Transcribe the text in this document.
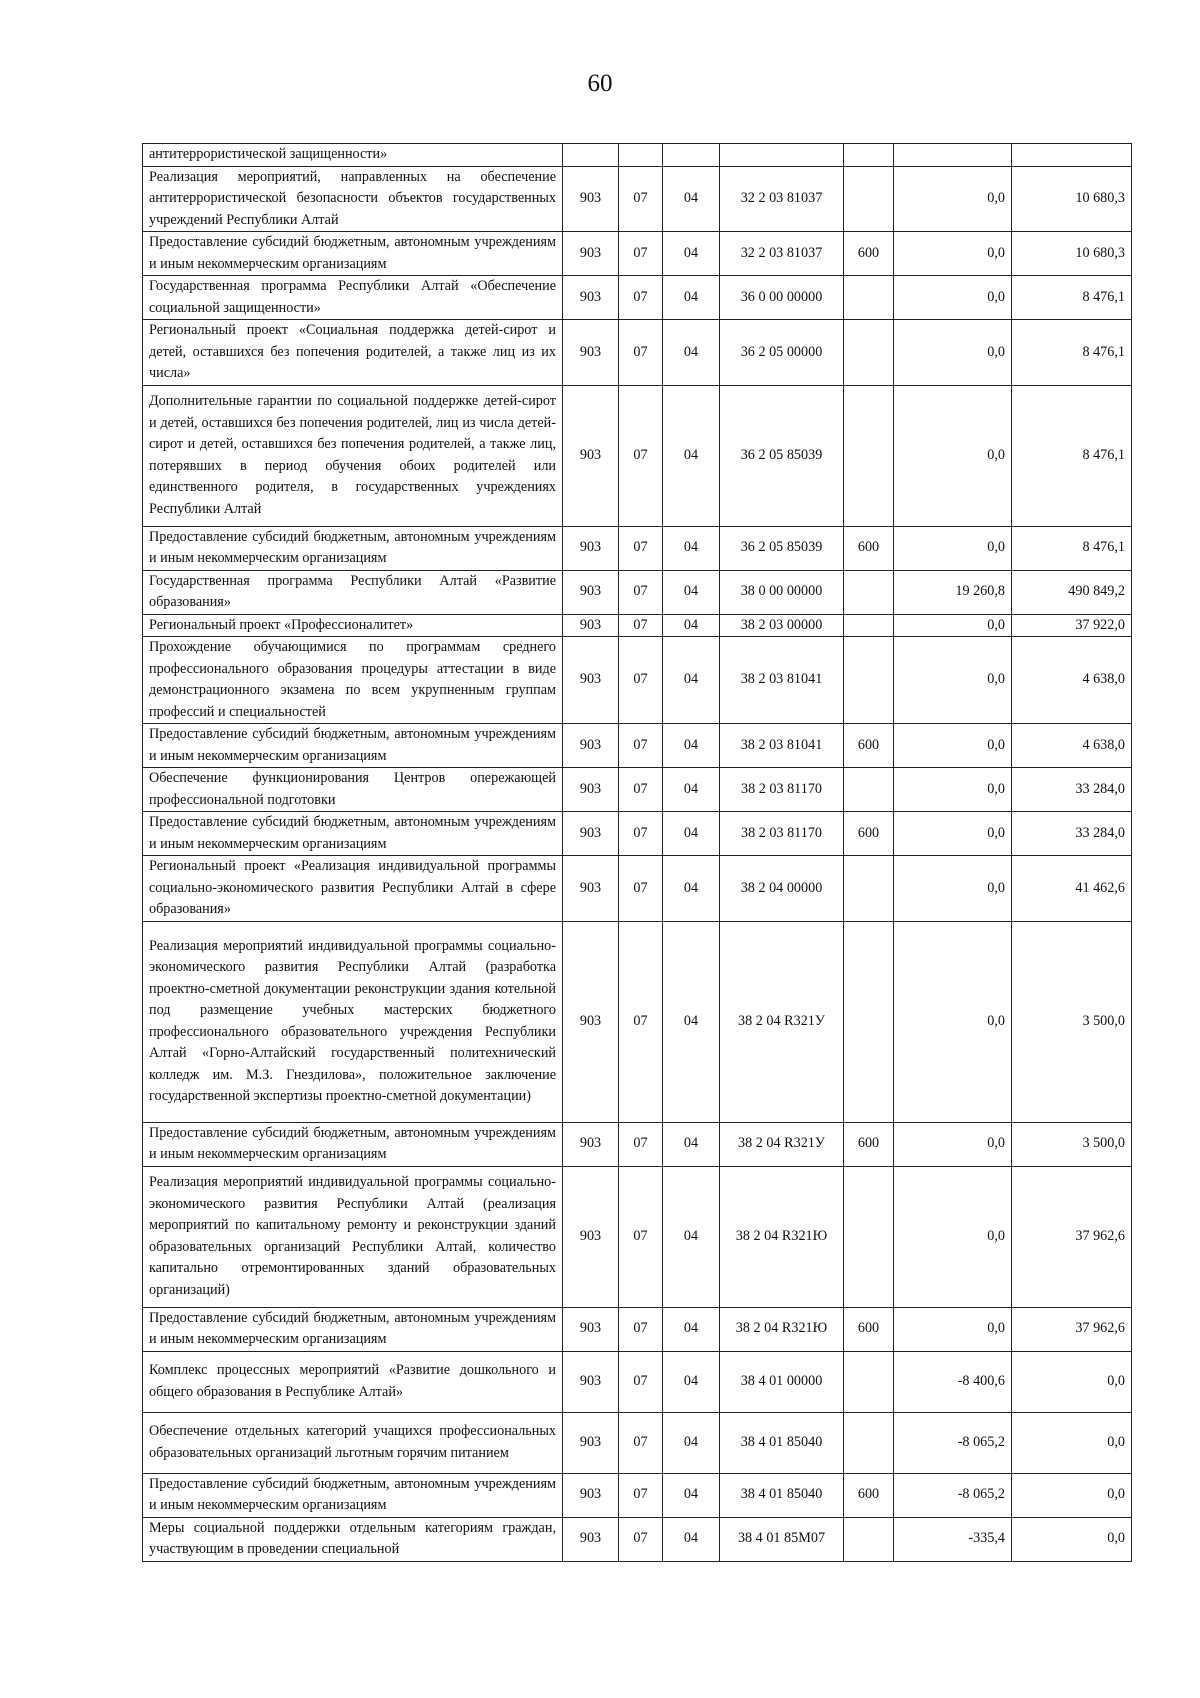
60
антитеррористической защищенности»							
Реализация мероприятий, направленных на обеспечение антитеррористической безопасности объектов государственных учреждений Республики Алтай	903	07	04	32 2 03 81037		0,0	10 680,3
Предоставление субсидий бюджетным, автономным учреждениям и иным некоммерческим организациям	903	07	04	32 2 03 81037	600	0,0	10 680,3
Государственная программа Республики Алтай «Обеспечение социальной защищенности»	903	07	04	36 0 00 00000		0,0	8 476,1
Региональный проект «Социальная поддержка детей-сирот и детей, оставшихся без попечения родителей, а также лиц из их числа»	903	07	04	36 2 05 00000		0,0	8 476,1
Дополнительные гарантии по социальной поддержке детей-сирот и детей, оставшихся без попечения родителей, лиц из числа детей-сирот и детей, оставшихся без попечения родителей, а также лиц, потерявших в период обучения обоих родителей или единственного родителя, в государственных учреждениях Республики Алтай	903	07	04	36 2 05 85039		0,0	8 476,1
Предоставление субсидий бюджетным, автономным учреждениям и иным некоммерческим организациям	903	07	04	36 2 05 85039	600	0,0	8 476,1
Государственная программа Республики Алтай «Развитие образования»	903	07	04	38 0 00 00000		19 260,8	490 849,2
Региональный проект «Профессионалитет»	903	07	04	38 2 03 00000		0,0	37 922,0
Прохождение обучающимися по программам среднего профессионального образования процедуры аттестации в виде демонстрационного экзамена по всем укрупненным группам профессий и специальностей	903	07	04	38 2 03 81041		0,0	4 638,0
Предоставление субсидий бюджетным, автономным учреждениям и иным некоммерческим организациям	903	07	04	38 2 03 81041	600	0,0	4 638,0
Обеспечение функционирования Центров опережающей профессиональной подготовки	903	07	04	38 2 03 81170		0,0	33 284,0
Предоставление субсидий бюджетным, автономным учреждениям и иным некоммерческим организациям	903	07	04	38 2 03 81170	600	0,0	33 284,0
Региональный проект «Реализация индивидуальной программы социально-экономического развития Республики Алтай в сфере образования»	903	07	04	38 2 04 00000		0,0	41 462,6
Реализация мероприятий индивидуальной программы социально-экономического развития Республики Алтай (разработка проектно-сметной документации реконструкции здания котельной под размещение учебных мастерских бюджетного профессионального образовательного учреждения Республики Алтай «Горно-Алтайский государственный политехнический колледж им. М.З. Гнездилова», положительное заключение государственной экспертизы проектно-сметной документации)	903	07	04	38 2 04 R321У		0,0	3 500,0
Предоставление субсидий бюджетным, автономным учреждениям и иным некоммерческим организациям	903	07	04	38 2 04 R321У	600	0,0	3 500,0
Реализация мероприятий индивидуальной программы социально-экономического развития Республики Алтай (реализация мероприятий по капитальному ремонту и реконструкции зданий образовательных организаций Республики Алтай, количество капитально отремонтированных зданий образовательных организаций)	903	07	04	38 2 04 R321Ю		0,0	37 962,6
Предоставление субсидий бюджетным, автономным учреждениям и иным некоммерческим организациям	903	07	04	38 2 04 R321Ю	600	0,0	37 962,6
Комплекс процессных мероприятий «Развитие дошкольного и общего образования в Республике Алтай»	903	07	04	38 4 01 00000		-8 400,6	0,0
Обеспечение отдельных категорий учащихся профессиональных образовательных организаций льготным горячим питанием	903	07	04	38 4 01 85040		-8 065,2	0,0
Предоставление субсидий бюджетным, автономным учреждениям и иным некоммерческим организациям	903	07	04	38 4 01 85040	600	-8 065,2	0,0
Меры социальной поддержки отдельным категориям граждан, участвующим в проведении специальной	903	07	04	38 4 01 85М07		-335,4	0,0
